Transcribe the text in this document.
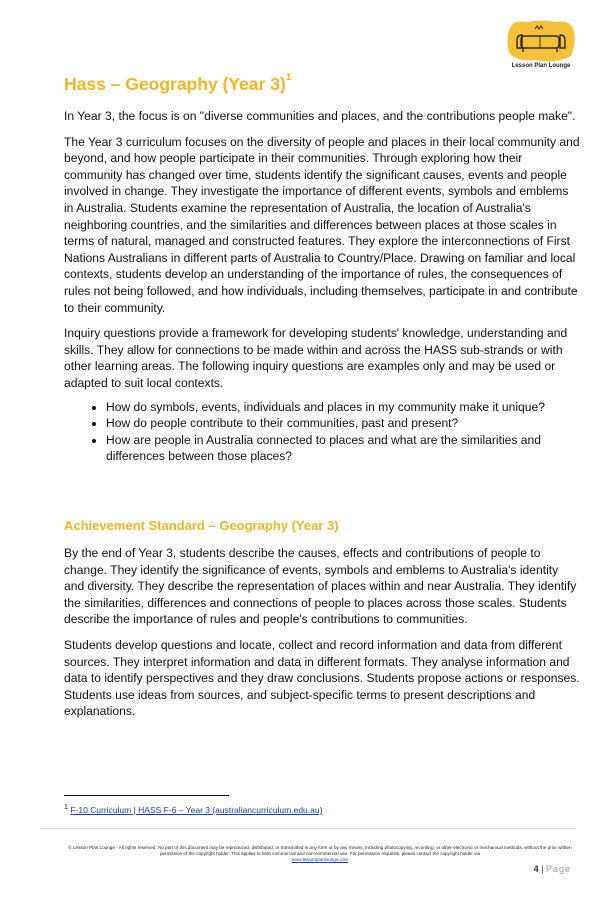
Lesson Plan Lounge
Hass – Geography (Year 3)$^1$

In Year 3, the focus is on "diverse communities and places, and the contributions people make".

The Year 3 curriculum focuses on the diversity of people and places in their local community and beyond, and how people participate in their communities. Through exploring how their community has changed over time, students identify the significant causes, events and people involved in change. They investigate the importance of different events, symbols and emblems in Australia. Students examine the representation of Australia, the location of Australia's neighboring countries, and the similarities and differences between places at those scales in terms of natural, managed and constructed features. They explore the interconnections of First Nations Australians in different parts of Australia to Country/Place. Drawing on familiar and local contexts, students develop an understanding of the importance of rules, the consequences of rules not being followed, and how individuals, including themselves, participate in and contribute to their community.

Inquiry questions provide a framework for developing students' knowledge, understanding and skills. They allow for connections to be made within and across the HASS sub-strands or with other learning areas. The following inquiry questions are examples only and may be used or adapted to suit local contexts.

• How do symbols, events, individuals and places in my community make it unique?
• How do people contribute to their communities, past and present?
• How are people in Australia connected to places and what are the similarities and differences between those places?
Achievement Standard – Geography (Year 3)

By the end of Year 3, students describe the causes, effects and contributions of people to change. They identify the significance of events, symbols and emblems to Australia's identity and diversity. They describe the representation of places within and near Australia. They identify the similarities, differences and connections of people to places across those scales. Students describe the importance of rules and people's contributions to communities.

Students develop questions and locate, collect and record information and data from different sources. They interpret information and data in different formats. They analyse information and data to identify perspectives and they draw conclusions. Students propose actions or responses. Students use ideas from sources, and subject-specific terms to present descriptions and explanations.

$^1$ F-10 Curriculum | HASS F-6 – Year 3 (australiancurriculum.edu.au)
© Lesson Plan Lounge - All rights reserved. No part of this document may be reproduced, distributed, or transmitted in any form or by any means, including photocopying, recording, or other electronic or mechanical methods, without the prior written permission of the copyright holder. This applies to both commercial and non-commercial use. For permission requests, please contact the copyright holder via
www.lessonplanlounge.com
4 | Page
